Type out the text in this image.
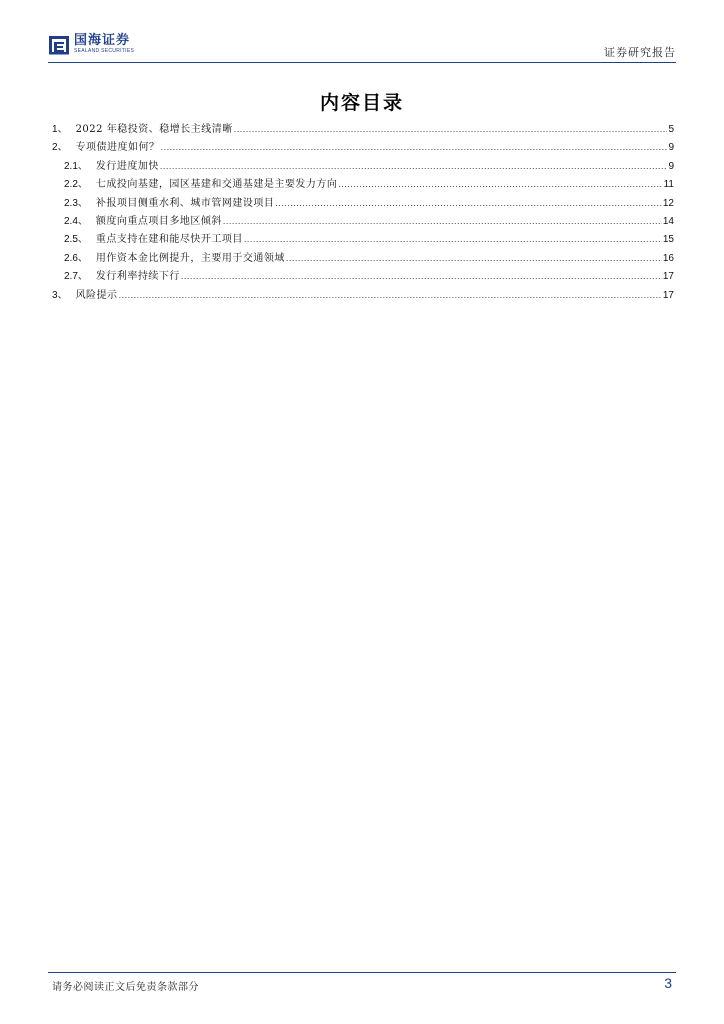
国海证券
SEALAND SECURITIES	证券研究报告
内容目录
1 、 2022 年稳投资、稳增长主线清晰 .....	5
2 、 专项债进度如何？ .....	9
2.1 、 发行进度加快 .....	9
2.2 、 七成投向基建，园区基建和交通基建是主要发力方向 .....	11
2.3 、 补报项目侧重水利、城市管网建设项目 .....	12
2.4 、 额度向重点项目多地区倾斜 .....	14
2.5 、 重点支持在建和能尽快开工项目 .....	15
2.6 、 用作资本金比例提升，主要用于交通领域 .....	16
2.7 、 发行利率持续下行 .....	17
3 、 风险提示 .....	17
请务必阅读正文后免责条款部分	3
